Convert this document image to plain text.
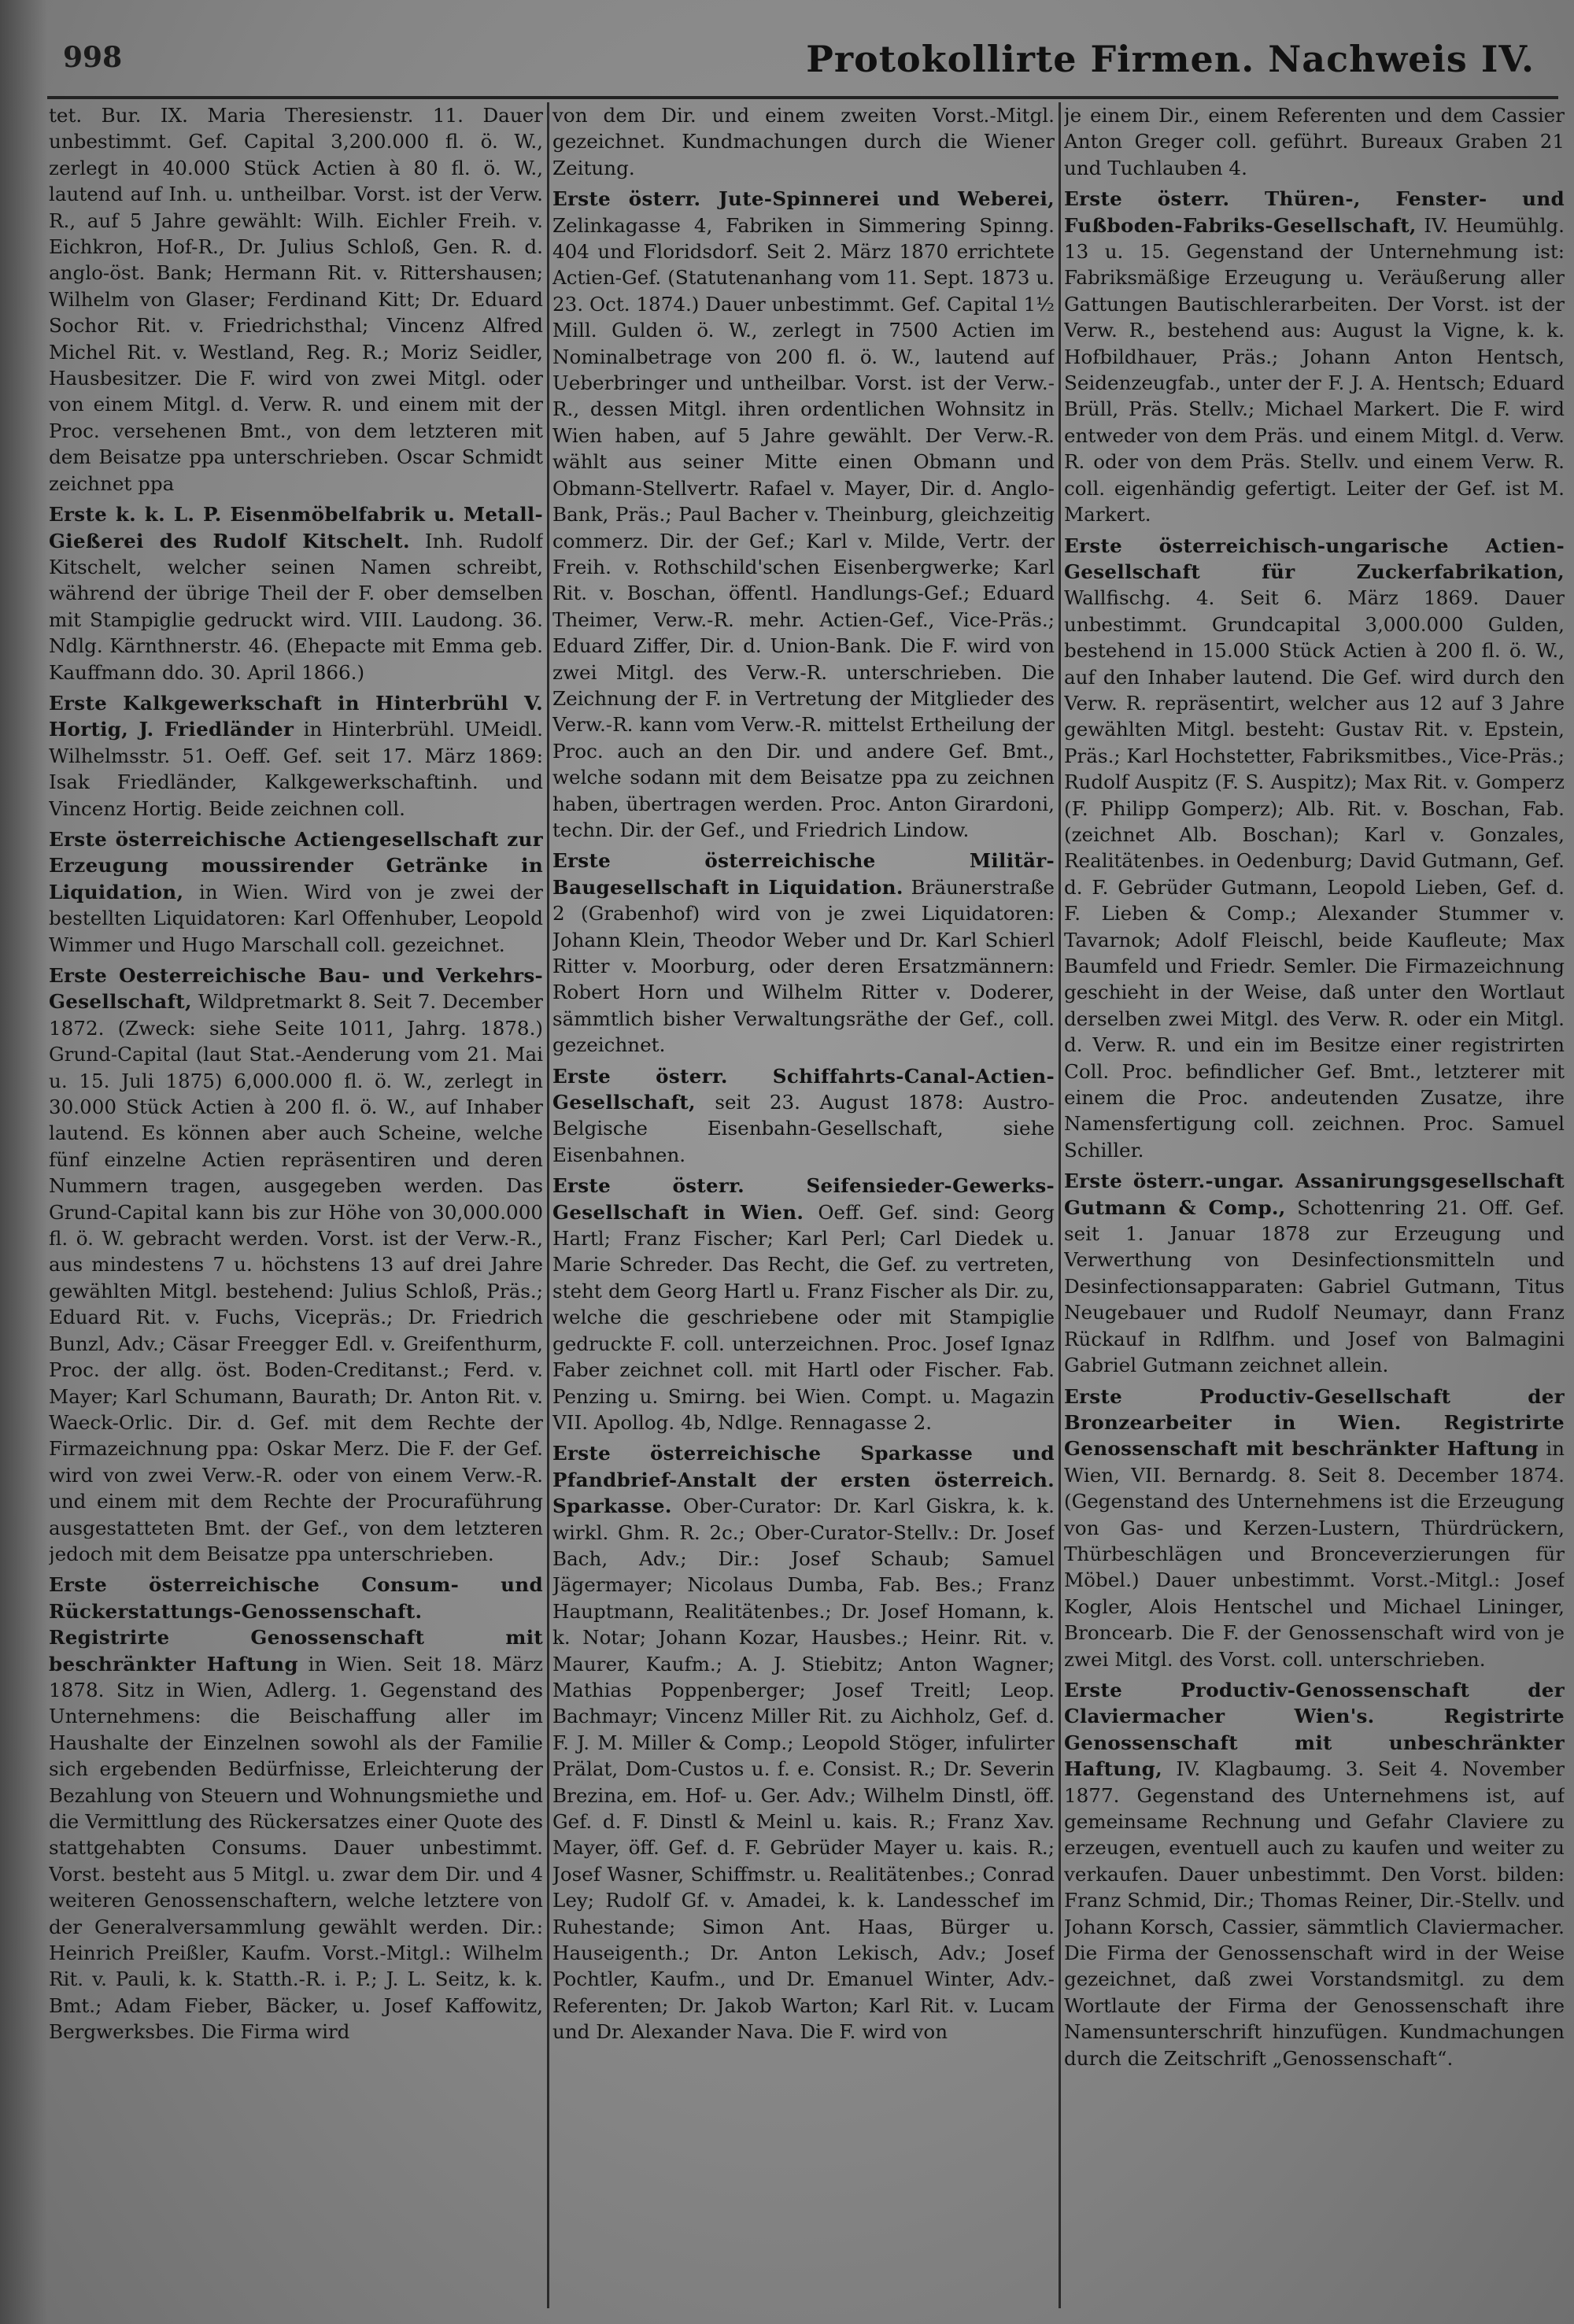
998	Protokollirte Firmen. Nachweis IV.

tet. Bur. IX. Maria Theresienstr. 11. Dauer unbestimmt. Gef. Capital 3,200.000 fl. ö. W., zerlegt in 40.000 Stück Actien à 80 fl. ö. W., lautend auf Inh. u. untheilbar. Vorst. ist der Verw. R., auf 5 Jahre gewählt: Wilh. Eichler Freih. v. Eichkron, Hof-R., Dr. Julius Schloß, Gen. R. d. anglo-öst. Bank; Hermann Rit. v. Rittershausen; Wilhelm von Glaser; Ferdinand Kitt; Dr. Eduard Sochor Rit. v. Friedrichsthal; Vincenz Alfred Michel Rit. v. Westland, Reg. R.; Moriz Seidler, Hausbesitzer. Die F. wird von zwei Mitgl. oder von einem Mitgl. d. Verw. R. und einem mit der Proc. versehenen Bmt., von dem letzteren mit dem Beisatze ppa unterschrieben. Oscar Schmidt zeichnet ppa

Erste k. k. L. P. Eisenmöbelfabrik u. Metall-Gießerei des Rudolf Kitschelt. Inh. Rudolf Kitschelt, welcher seinen Namen schreibt, während der übrige Theil der F. ober demselben mit Stampiglie gedruckt wird. VIII. Laudong. 36. Ndlg. Kärnthnerstr. 46. (Ehepacte mit Emma geb. Kauffmann ddo. 30. April 1866.)

Erste Kalkgewerkschaft in Hinterbrühl V. Hortig, J. Friedländer in Hinterbrühl. UMeidl. Wilhelmsstr. 51. Oeff. Gef. seit 17. März 1869: Isak Friedländer, Kalkgewerkschaftinh. und Vincenz Hortig. Beide zeichnen coll.

Erste österreichische Actiengesellschaft zur Erzeugung moussirender Getränke in Liquidation, in Wien. Wird von je zwei der bestellten Liquidatoren: Karl Offenhuber, Leopold Wimmer und Hugo Marschall coll. gezeichnet.

Erste Oesterreichische Bau- und Verkehrs-Gesellschaft, Wildpretmarkt 8. Seit 7. December 1872. (Zweck: siehe Seite 1011, Jahrg. 1878.) Grund-Capital (laut Stat.-Aenderung vom 21. Mai u. 15. Juli 1875) 6,000.000 fl. ö. W., zerlegt in 30.000 Stück Actien à 200 fl. ö. W., auf Inhaber lautend. Es können aber auch Scheine, welche fünf einzelne Actien repräsentiren und deren Nummern tragen, ausgegeben werden. Das Grund-Capital kann bis zur Höhe von 30,000.000 fl. ö. W. gebracht werden. Vorst. ist der Verw.-R., aus mindestens 7 u. höchstens 13 auf drei Jahre gewählten Mitgl. bestehend: Julius Schloß, Präs.; Eduard Rit. v. Fuchs, Vicepräs.; Dr. Friedrich Bunzl, Adv.; Cäsar Freegger Edl. v. Greifenthurm, Proc. der allg. öst. Boden-Creditanst.; Ferd. v. Mayer; Karl Schumann, Baurath; Dr. Anton Rit. v. Waeck-Orlic. Dir. d. Gef. mit dem Rechte der Firmazeichnung ppa: Oskar Merz. Die F. der Gef. wird von zwei Verw.-R. oder von einem Verw.-R. und einem mit dem Rechte der Procuraführung ausgestatteten Bmt. der Gef., von dem letzteren jedoch mit dem Beisatze ppa unterschrieben.

Erste österreichische Consum- und Rückerstattungs-Genossenschaft. Registrirte Genossenschaft mit beschränkter Haftung in Wien. Seit 18. März 1878. Sitz in Wien, Adlerg. 1. Gegenstand des Unternehmens: die Beischaffung aller im Haushalte der Einzelnen sowohl als der Familie sich ergebenden Bedürfnisse, Erleichterung der Bezahlung von Steuern und Wohnungsmiethe und die Vermittlung des Rückersatzes einer Quote des stattgehabten Consums. Dauer unbestimmt. Vorst. besteht aus 5 Mitgl. u. zwar dem Dir. und 4 weiteren Genossenschaftern, welche letztere von der Generalversammlung gewählt werden. Dir.: Heinrich Preißler, Kaufm. Vorst.-Mitgl.: Wilhelm Rit. v. Pauli, k. k. Statth.-R. i. P.; J. L. Seitz, k. k. Bmt.; Adam Fieber, Bäcker, u. Josef Kaffowitz, Bergwerksbes. Die Firma wird

von dem Dir. und einem zweiten Vorst.-Mitgl. gezeichnet. Kundmachungen durch die Wiener Zeitung.

Erste österr. Jute-Spinnerei und Weberei, Zelinkagasse 4, Fabriken in Simmering Spinng. 404 und Floridsdorf. Seit 2. März 1870 errichtete Actien-Gef. (Statutenanhang vom 11. Sept. 1873 u. 23. Oct. 1874.) Dauer unbestimmt. Gef. Capital 1½ Mill. Gulden ö. W., zerlegt in 7500 Actien im Nominalbetrage von 200 fl. ö. W., lautend auf Ueberbringer und untheilbar. Vorst. ist der Verw.-R., dessen Mitgl. ihren ordentlichen Wohnsitz in Wien haben, auf 5 Jahre gewählt. Der Verw.-R. wählt aus seiner Mitte einen Obmann und Obmann-Stellvertr. Rafael v. Mayer, Dir. d. Anglo-Bank, Präs.; Paul Bacher v. Theinburg, gleichzeitig commerz. Dir. der Gef.; Karl v. Milde, Vertr. der Freih. v. Rothschild'schen Eisenbergwerke; Karl Rit. v. Boschan, öffentl. Handlungs-Gef.; Eduard Theimer, Verw.-R. mehr. Actien-Gef., Vice-Präs.; Eduard Ziffer, Dir. d. Union-Bank. Die F. wird von zwei Mitgl. des Verw.-R. unterschrieben. Die Zeichnung der F. in Vertretung der Mitglieder des Verw.-R. kann vom Verw.-R. mittelst Ertheilung der Proc. auch an den Dir. und andere Gef. Bmt., welche sodann mit dem Beisatze ppa zu zeichnen haben, übertragen werden. Proc. Anton Girardoni, techn. Dir. der Gef., und Friedrich Lindow.

Erste österreichische Militär-Baugesellschaft in Liquidation. Bräunerstraße 2 (Grabenhof) wird von je zwei Liquidatoren: Johann Klein, Theodor Weber und Dr. Karl Schierl Ritter v. Moorburg, oder deren Ersatzmännern: Robert Horn und Wilhelm Ritter v. Doderer, sämmtlich bisher Verwaltungsräthe der Gef., coll. gezeichnet.

Erste österr. Schiffahrts-Canal-Actien-Gesellschaft, seit 23. August 1878: Austro-Belgische Eisenbahn-Gesellschaft, siehe Eisenbahnen.

Erste österr. Seifensieder-Gewerks-Gesellschaft in Wien. Oeff. Gef. sind: Georg Hartl; Franz Fischer; Karl Perl; Carl Diedek u. Marie Schreder. Das Recht, die Gef. zu vertreten, steht dem Georg Hartl u. Franz Fischer als Dir. zu, welche die geschriebene oder mit Stampiglie gedruckte F. coll. unterzeichnen. Proc. Josef Ignaz Faber zeichnet coll. mit Hartl oder Fischer. Fab. Penzing u. Smirng. bei Wien. Compt. u. Magazin VII. Apollog. 4b, Ndlge. Rennagasse 2.

Erste österreichische Sparkasse und Pfandbrief-Anstalt der ersten österreich. Sparkasse. Ober-Curator: Dr. Karl Giskra, k. k. wirkl. Ghm. R. 2c.; Ober-Curator-Stellv.: Dr. Josef Bach, Adv.; Dir.: Josef Schaub; Samuel Jägermayer; Nicolaus Dumba, Fab. Bes.; Franz Hauptmann, Realitätenbes.; Dr. Josef Homann, k. k. Notar; Johann Kozar, Hausbes.; Heinr. Rit. v. Maurer, Kaufm.; A. J. Stiebitz; Anton Wagner; Mathias Poppenberger; Josef Treitl; Leop. Bachmayr; Vincenz Miller Rit. zu Aichholz, Gef. d. F. J. M. Miller & Comp.; Leopold Stöger, infulirter Prälat, Dom-Custos u. f. e. Consist. R.; Dr. Severin Brezina, em. Hof- u. Ger. Adv.; Wilhelm Dinstl, öff. Gef. d. F. Dinstl & Meinl u. kais. R.; Franz Xav. Mayer, öff. Gef. d. F. Gebrüder Mayer u. kais. R.; Josef Wasner, Schiffmstr. u. Realitätenbes.; Conrad Ley; Rudolf Gf. v. Amadei, k. k. Landesschef im Ruhestande; Simon Ant. Haas, Bürger u. Hauseigenth.; Dr. Anton Lekisch, Adv.; Josef Pochtler, Kaufm., und Dr. Emanuel Winter, Adv.-Referenten; Dr. Jakob Warton; Karl Rit. v. Lucam und Dr. Alexander Nava. Die F. wird von

je einem Dir., einem Referenten und dem Cassier Anton Greger coll. geführt. Bureaux Graben 21 und Tuchlauben 4.

Erste österr. Thüren-, Fenster- und Fußboden-Fabriks-Gesellschaft, IV. Heumühlg. 13 u. 15. Gegenstand der Unternehmung ist: Fabriksmäßige Erzeugung u. Veräußerung aller Gattungen Bautischlerarbeiten. Der Vorst. ist der Verw. R., bestehend aus: August la Vigne, k. k. Hofbildhauer, Präs.; Johann Anton Hentsch, Seidenzeugfab., unter der F. J. A. Hentsch; Eduard Brüll, Präs. Stellv.; Michael Markert. Die F. wird entweder von dem Präs. und einem Mitgl. d. Verw. R. oder von dem Präs. Stellv. und einem Verw. R. coll. eigenhändig gefertigt. Leiter der Gef. ist M. Markert.

Erste österreichisch-ungarische Actien-Gesellschaft für Zuckerfabrikation, Wallfischg. 4. Seit 6. März 1869. Dauer unbestimmt. Grundcapital 3,000.000 Gulden, bestehend in 15.000 Stück Actien à 200 fl. ö. W., auf den Inhaber lautend. Die Gef. wird durch den Verw. R. repräsentirt, welcher aus 12 auf 3 Jahre gewählten Mitgl. besteht: Gustav Rit. v. Epstein, Präs.; Karl Hochstetter, Fabriksmitbes., Vice-Präs.; Rudolf Auspitz (F. S. Auspitz); Max Rit. v. Gomperz (F. Philipp Gomperz); Alb. Rit. v. Boschan, Fab. (zeichnet Alb. Boschan); Karl v. Gonzales, Realitätenbes. in Oedenburg; David Gutmann, Gef. d. F. Gebrüder Gutmann, Leopold Lieben, Gef. d. F. Lieben & Comp.; Alexander Stummer v. Tavarnok; Adolf Fleischl, beide Kaufleute; Max Baumfeld und Friedr. Semler. Die Firmazeichnung geschieht in der Weise, daß unter den Wortlaut derselben zwei Mitgl. des Verw. R. oder ein Mitgl. d. Verw. R. und ein im Besitze einer registrirten Coll. Proc. befindlicher Gef. Bmt., letzterer mit einem die Proc. andeutenden Zusatze, ihre Namensfertigung coll. zeichnen. Proc. Samuel Schiller.

Erste österr.-ungar. Assanirungsgesellschaft Gutmann & Comp., Schottenring 21. Off. Gef. seit 1. Januar 1878 zur Erzeugung und Verwerthung von Desinfectionsmitteln und Desinfectionsapparaten: Gabriel Gutmann, Titus Neugebauer und Rudolf Neumayr, dann Franz Rückauf in Rdlfhm. und Josef von Balmagini Gabriel Gutmann zeichnet allein.

Erste Productiv-Gesellschaft der Bronzearbeiter in Wien. Registrirte Genossenschaft mit beschränkter Haftung in Wien, VII. Bernardg. 8. Seit 8. December 1874. (Gegenstand des Unternehmens ist die Erzeugung von Gas- und Kerzen-Lustern, Thürdrückern, Thürbeschlägen und Bronceverzierungen für Möbel.) Dauer unbestimmt. Vorst.-Mitgl.: Josef Kogler, Alois Hentschel und Michael Lininger, Broncearb. Die F. der Genossenschaft wird von je zwei Mitgl. des Vorst. coll. unterschrieben.

Erste Productiv-Genossenschaft der Claviermacher Wien's. Registrirte Genossenschaft mit unbeschränkter Haftung, IV. Klagbaumg. 3. Seit 4. November 1877. Gegenstand des Unternehmens ist, auf gemeinsame Rechnung und Gefahr Claviere zu erzeugen, eventuell auch zu kaufen und weiter zu verkaufen. Dauer unbestimmt. Den Vorst. bilden: Franz Schmid, Dir.; Thomas Reiner, Dir.-Stellv. und Johann Korsch, Cassier, sämmtlich Claviermacher. Die Firma der Genossenschaft wird in der Weise gezeichnet, daß zwei Vorstandsmitgl. zu dem Wortlaute der Firma der Genossenschaft ihre Namensunterschrift hinzufügen. Kundmachungen durch die Zeitschrift „Genossenschaft“.
